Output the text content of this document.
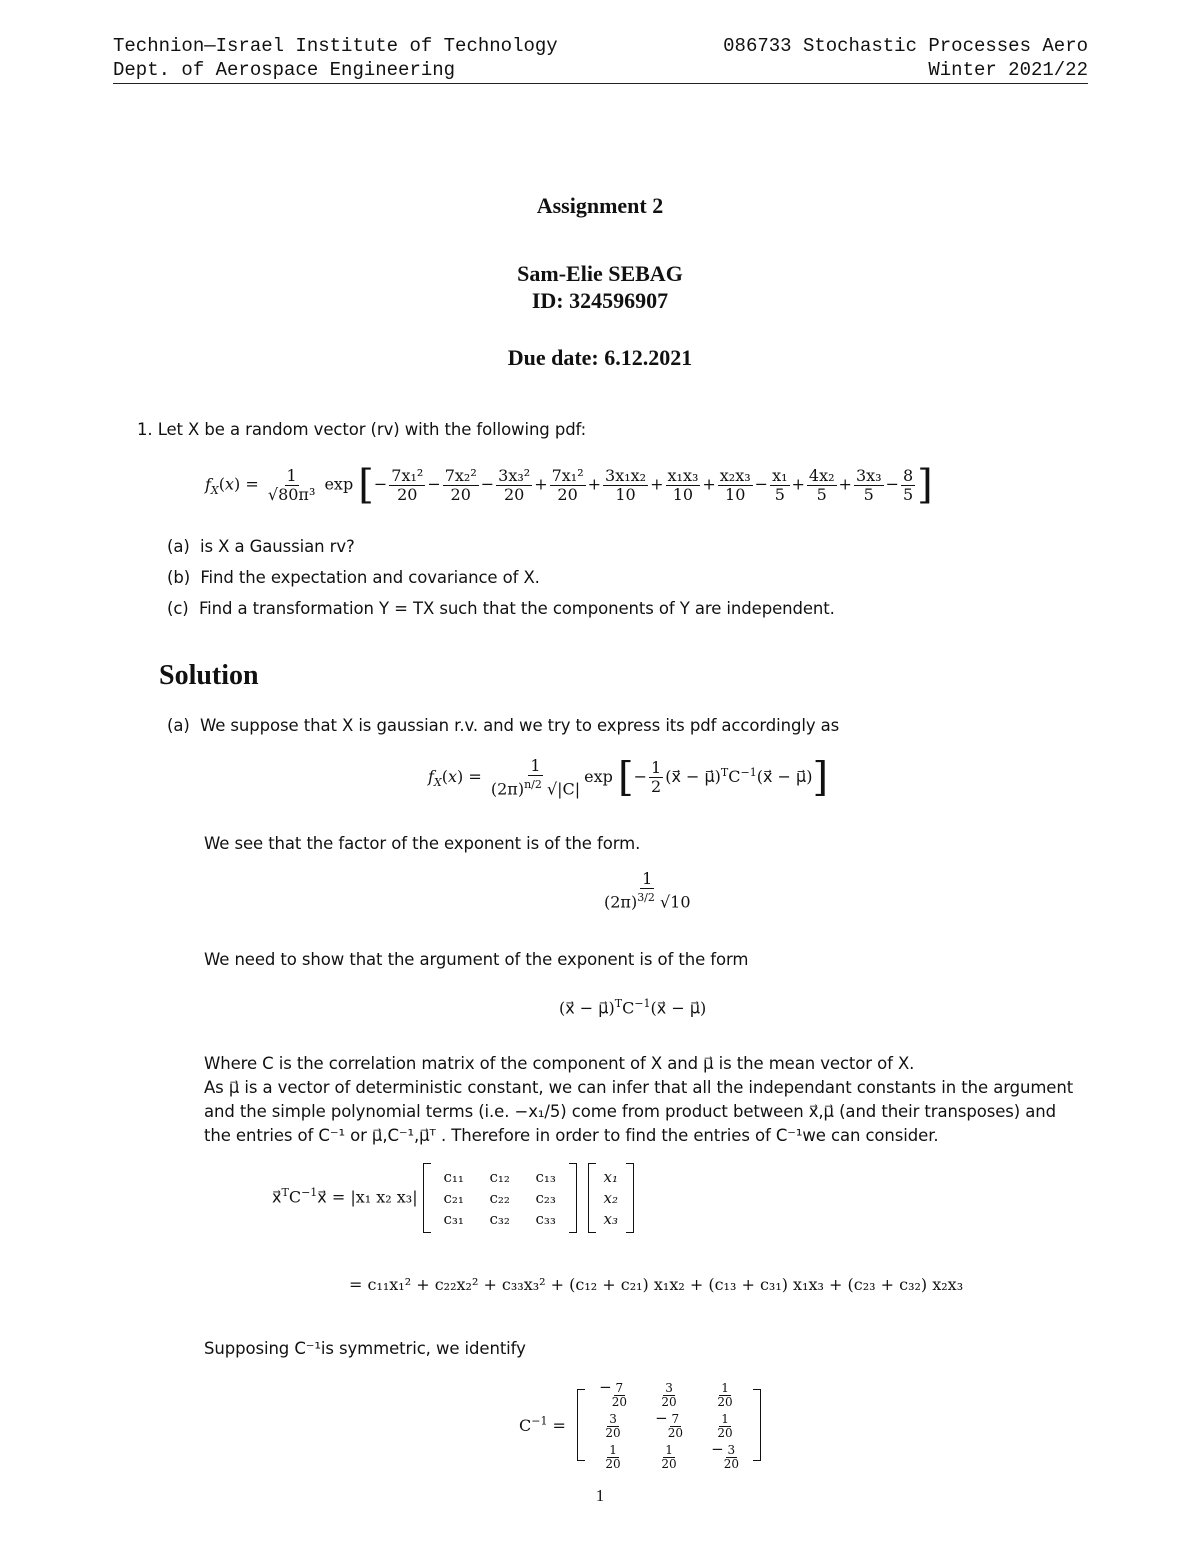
Technion—Israel Institute of Technology
Dept. of Aerospace Engineering
086733 Stochastic Processes Aero
Winter 2021/22
Assignment 2
Sam-Elie SEBAG
ID: 324596907
Due date: 6.12.2021
1. Let X be a random vector (rv) with the following pdf:
$f_X(x) = \frac{1}{\text{√80π³}}$ exp [− $\frac{\text{7x₁²}}{20} - \frac{\text{7x₂²}}{20} - \frac{\text{3x₃²}}{20} + \frac{\text{7x₁²}}{20} + \frac{\text{3x₁x₂}}{10} + \frac{\text{x₁x₃}}{10} + \frac{\text{x₂x₃}}{10} - \frac{\text{x₁}}{5} + \frac{\text{4x₂}}{5} + \frac{\text{3x₃}}{5} - \frac{8}{5}$ ]
(a) is X a Gaussian rv?
(b) Find the expectation and covariance of X.
(c) Find a transformation Y = TX such that the components of Y are independent.
Solution
(a) We suppose that X is gaussian r.v. and we try to express its pdf accordingly as
$f_X(x) = \frac{1}{(2\pi)^{n/2} √|C|}$ exp [− $\frac{1}{2}$ (x⃗ − $\mu⃗)^TC^{-1}(x⃗$ − μ⃗)]
We see that the factor of the exponent is of the form.
$\frac{1}{(2\pi)^{3/2} √10}$
We need to show that the argument of the exponent is of the form
(x⃗ − $\mu⃗)^TC^{-1}(x⃗$ − μ⃗)
Where C is the correlation matrix of the component of X and μ⃗ is the mean vector of X.
As μ⃗ is a vector of deterministic constant, we can infer that all the independant constants in the argument
and the simple polynomial terms (i.e. −x₁/5) come from product between x⃗,μ⃗ (and their transposes) and
the entries of C⁻¹ or μ⃗,C⁻¹,μ⃗ᵀ . Therefore in order to find the entries of C⁻¹we can consider.
$x⃗^TC^{-1}x⃗ = |x_1$ x₂ x₃|
c₁₁	c₁₂	c₁₃
c₂₁	c₂₂	c₂₃
c₃₁	c₃₂	c₃₃

x₁
x₂
x₃
= c₁₁x₁² + c₂₂x₂² + c₃₃x₃² + (c₁₂ + c₂₁) x₁x₂ + (c₁₃ + c₃₁) x₁x₃ + (c₂₃ + c₃₂) x₂x₃
Supposing C⁻¹is symmetric, we identify
$C^{-1}$ =
− $\frac{7}{20}$	$\frac{3}{20}$	$\frac{1}{20}$
$\frac{3}{20}$	− $\frac{7}{20}$	$\frac{1}{20}$
$\frac{1}{20}$	$\frac{1}{20}$	− $\frac{3}{20}$
1
